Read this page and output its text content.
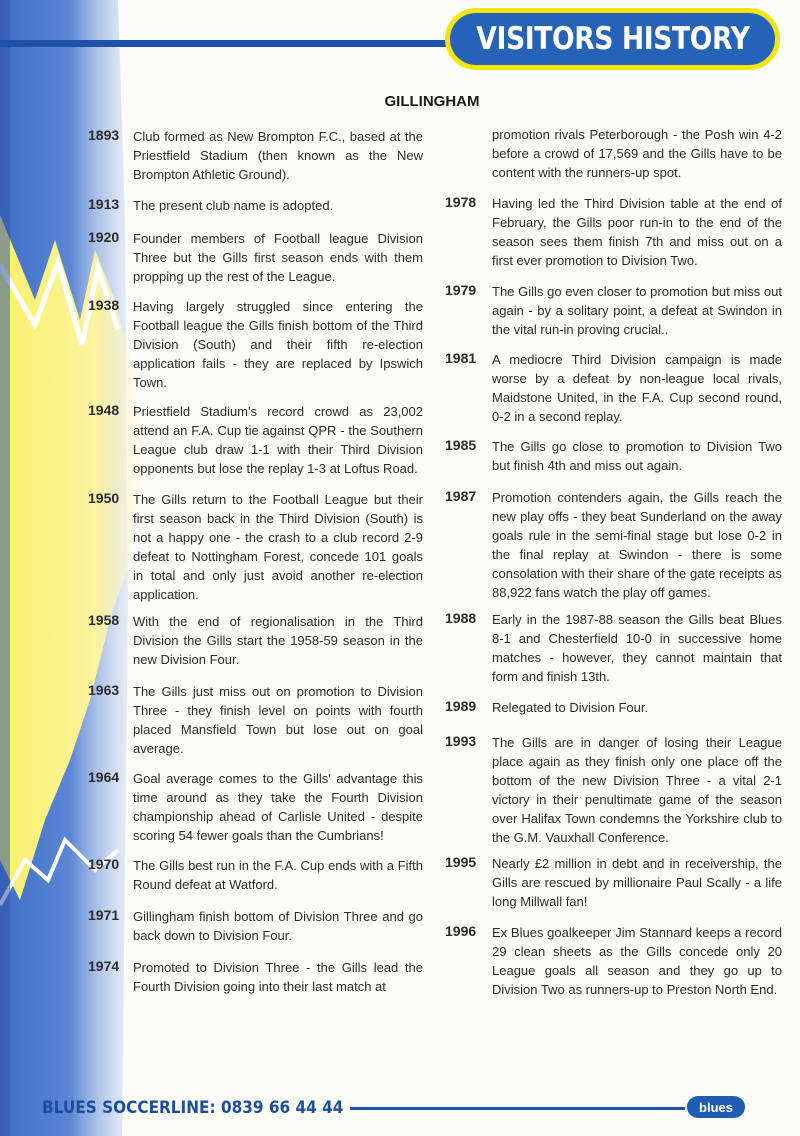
VISITORS HISTORY
GILLINGHAM
1893 Club formed as New Brompton F.C., based at the Priestfield Stadium (then known as the New Brompton Athletic Ground).
1913 The present club name is adopted.
1920 Founder members of Football league Division Three but the Gills first season ends with them propping up the rest of the League.
1938 Having largely struggled since entering the Football league the Gills finish bottom of the Third Division (South) and their fifth re-election application fails - they are replaced by Ipswich Town.
1948 Priestfield Stadium's record crowd as 23,002 attend an F.A. Cup tie against QPR - the Southern League club draw 1-1 with their Third Division opponents but lose the replay 1-3 at Loftus Road.
1950 The Gills return to the Football League but their first season back in the Third Division (South) is not a happy one - the crash to a club record 2-9 defeat to Nottingham Forest, concede 101 goals in total and only just avoid another re-election application.
1958 With the end of regionalisation in the Third Division the Gills start the 1958-59 season in the new Division Four.
1963 The Gills just miss out on promotion to Division Three - they finish level on points with fourth placed Mansfield Town but lose out on goal average.
1964 Goal average comes to the Gills' advantage this time around as they take the Fourth Division championship ahead of Carlisle United - despite scoring 54 fewer goals than the Cumbrians!
1970 The Gills best run in the F.A. Cup ends with a Fifth Round defeat at Watford.
1971 Gillingham finish bottom of Division Three and go back down to Division Four.
1974 Promoted to Division Three - the Gills lead the Fourth Division going into their last match at
promotion rivals Peterborough - the Posh win 4-2 before a crowd of 17,569 and the Gills have to be content with the runners-up spot.
1978 Having led the Third Division table at the end of February, the Gills poor run-in to the end of the season sees them finish 7th and miss out on a first ever promotion to Division Two.
1979 The Gills go even closer to promotion but miss out again - by a solitary point, a defeat at Swindon in the vital run-in proving crucial..
1981 A mediocre Third Division campaign is made worse by a defeat by non-league local rivals, Maidstone United, in the F.A. Cup second round, 0-2 in a second replay.
1985 The Gills go close to promotion to Division Two but finish 4th and miss out again.
1987 Promotion contenders again, the Gills reach the new play offs - they beat Sunderland on the away goals rule in the semi-final stage but lose 0-2 in the final replay at Swindon - there is some consolation with their share of the gate receipts as 88,922 fans watch the play off games.
1988 Early in the 1987-88 season the Gills beat Blues 8-1 and Chesterfield 10-0 in successive home matches - however, they cannot maintain that form and finish 13th.
1989 Relegated to Division Four.
1993 The Gills are in danger of losing their League place again as they finish only one place off the bottom of the new Division Three - a vital 2-1 victory in their penultimate game of the season over Halifax Town condemns the Yorkshire club to the G.M. Vauxhall Conference.
1995 Nearly £2 million in debt and in receivership, the Gills are rescued by millionaire Paul Scally - a life long Millwall fan!
1996 Ex Blues goalkeeper Jim Stannard keeps a record 29 clean sheets as the Gills concede only 20 League goals all season and they go up to Division Two as runners-up to Preston North End.
BLUES SOCCERLINE: 0839 66 44 44	blues
